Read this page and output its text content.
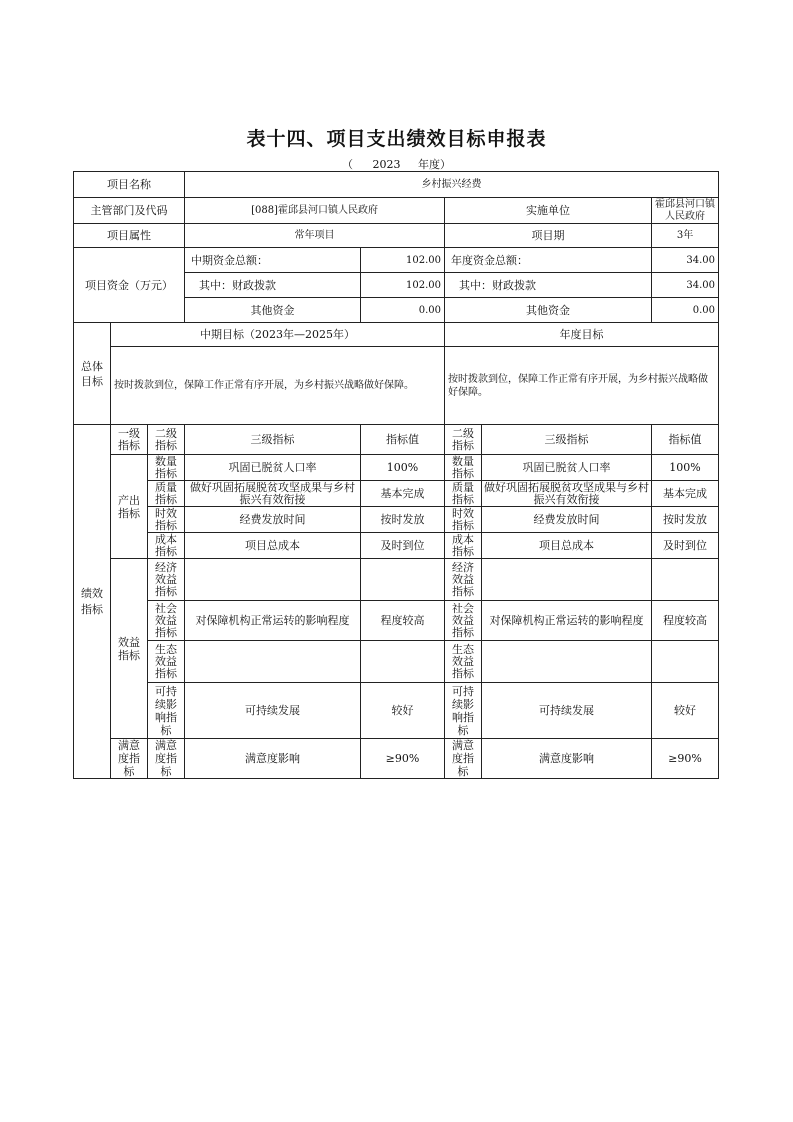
表十四、项目支出绩效目标申报表
（ 2023 年度）
项目名称			乡村振兴经费				
主管部门及代码			[088]霍邱县河口镇人民政府		实施单位		霍邱县河口镇人民政府
项目属性			常年项目		项目期		3年
项目资金（万元）			中期资金总额：	102.00	年度资金总额：		34.00
			其中：财政拨款	102.00	其中：财政拨款		34.00
			其他资金	0.00	其他资金		0.00
总体目标	中期目标（2023年—2025年）				年度目标		
	按时拨款到位，保障工作正常有序开展，为乡村振兴战略做好保障。				按时拨款到位，保障工作正常有序开展，为乡村振兴战略做好保障。		
绩效指标	一级指标	二级指标	三级指标	指标值	二级指标	三级指标	指标值
	产出指标	数量指标	巩固已脱贫人口率	100%	数量指标	巩固已脱贫人口率	100%
		质量指标	做好巩固拓展脱贫攻坚成果与乡村振兴有效衔接	基本完成	质量指标	做好巩固拓展脱贫攻坚成果与乡村振兴有效衔接	基本完成
		时效指标	经费发放时间	按时发放	时效指标	经费发放时间	按时发放
		成本指标	项目总成本	及时到位	成本指标	项目总成本	及时到位
	效益指标	经济效益指标			经济效益指标		
		社会效益指标	对保障机构正常运转的影响程度	程度较高	社会效益指标	对保障机构正常运转的影响程度	程度较高
		生态效益指标			生态效益指标		
		可持续影响指标	可持续发展	较好	可持续影响指标	可持续发展	较好
	满意度指标	满意度指标	满意度影响	≥90%	满意度指标	满意度影响	≥90%
